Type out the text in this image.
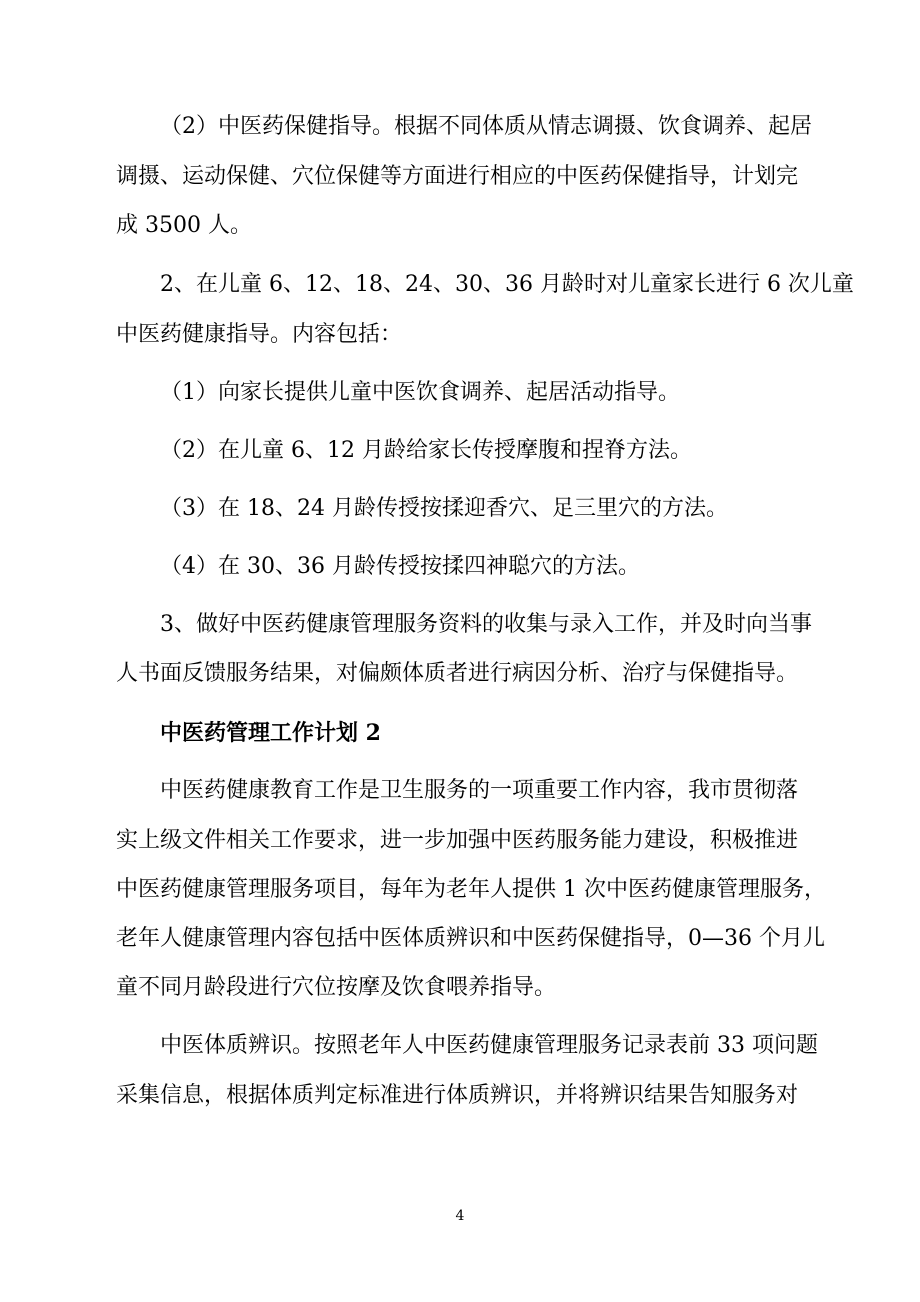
（2）中医药保健指导。根据不同体质从情志调摄、饮食调养、起居
调摄、运动保健、穴位保健等方面进行相应的中医药保健指导，计划完
成 3500 人。
2、在儿童 6、12、18、24、30、36 月龄时对儿童家长进行 6 次儿童
中医药健康指导。内容包括：
（1）向家长提供儿童中医饮食调养、起居活动指导。
（2）在儿童 6、12 月龄给家长传授摩腹和捏脊方法。
（3）在 18、24 月龄传授按揉迎香穴、足三里穴的方法。
（4）在 30、36 月龄传授按揉四神聪穴的方法。
3、做好中医药健康管理服务资料的收集与录入工作，并及时向当事
人书面反馈服务结果，对偏颇体质者进行病因分析、治疗与保健指导。
中医药管理工作计划 2
中医药健康教育工作是卫生服务的一项重要工作内容，我市贯彻落
实上级文件相关工作要求，进一步加强中医药服务能力建设，积极推进
中医药健康管理服务项目，每年为老年人提供 1 次中医药健康管理服务，
老年人健康管理内容包括中医体质辨识和中医药保健指导，0—36 个月儿
童不同月龄段进行穴位按摩及饮食喂养指导。
中医体质辨识。按照老年人中医药健康管理服务记录表前 33 项问题
采集信息，根据体质判定标准进行体质辨识，并将辨识结果告知服务对
4
